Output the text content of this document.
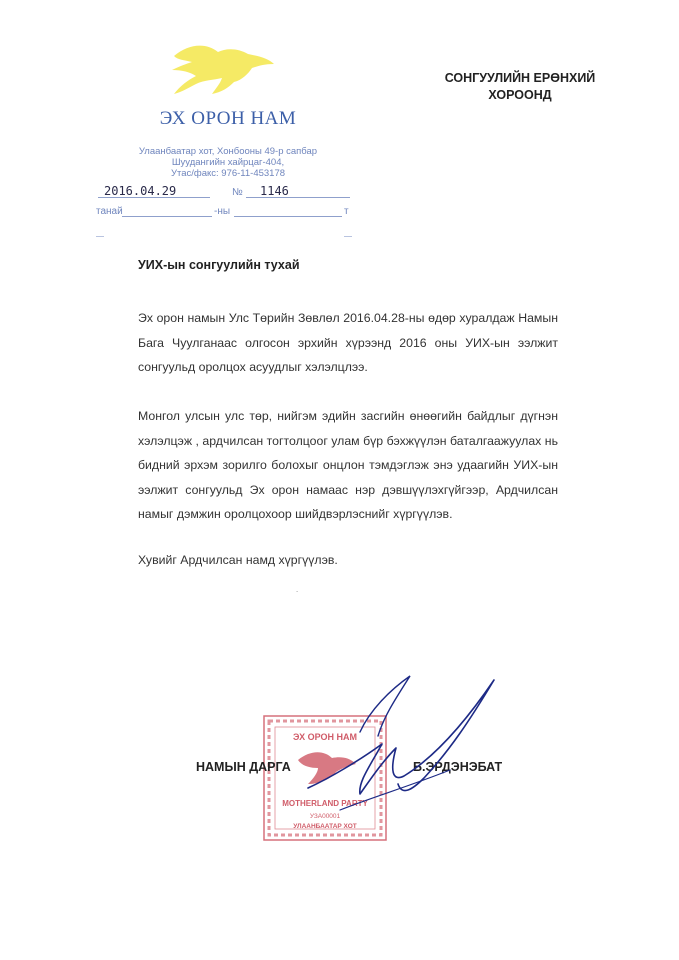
ЭХ ОРОН НАМ
Улаанбаатар хот, Хонбооны 49-р сапбар
Шуудангийн хайрцаг-404,
Утас/факс: 976-11-453178
2016.04.29	№ 1146
танай	-ны	т
СОНГУУЛИЙН ЕРӨНХИЙ
ХОРООНД
УИХ-ын сонгуулийн тухай
Эх орон намын Улс Төрийн Зөвлөл 2016.04.28-ны өдөр хуралдаж Намын Бага Чуулганаас олгосон эрхийн хүрээнд 2016 оны УИХ-ын ээлжит сонгуульд оролцох асуудлыг хэлэлцлээ.
Монгол улсын улс төр, нийгэм эдийн засгийн өнөөгийн байдлыг дүгнэн хэлэлцэж , ардчилсан тогтолцоог улам бүр бэхжүүлэн баталгаажуулах нь бидний эрхэм зорилго болохыг онцлон тэмдэглэж энэ удаагийн УИХ-ын ээлжит сонгуульд Эх орон намаас нэр дэвшүүлэхгүйгээр, Ардчилсан намыг дэмжин оролцохоор шийдвэрлэснийг хүргүүлэв.
Хувийг Ардчилсан намд хүргүүлэв.
˙
ЭХ ОРОН НАМ
MOTHERLAND PARTY
УЗА00001
УЛААНБААТАР ХОТ
НАМЫН ДАРГА	Б.ЭРДЭНЭБАТ
